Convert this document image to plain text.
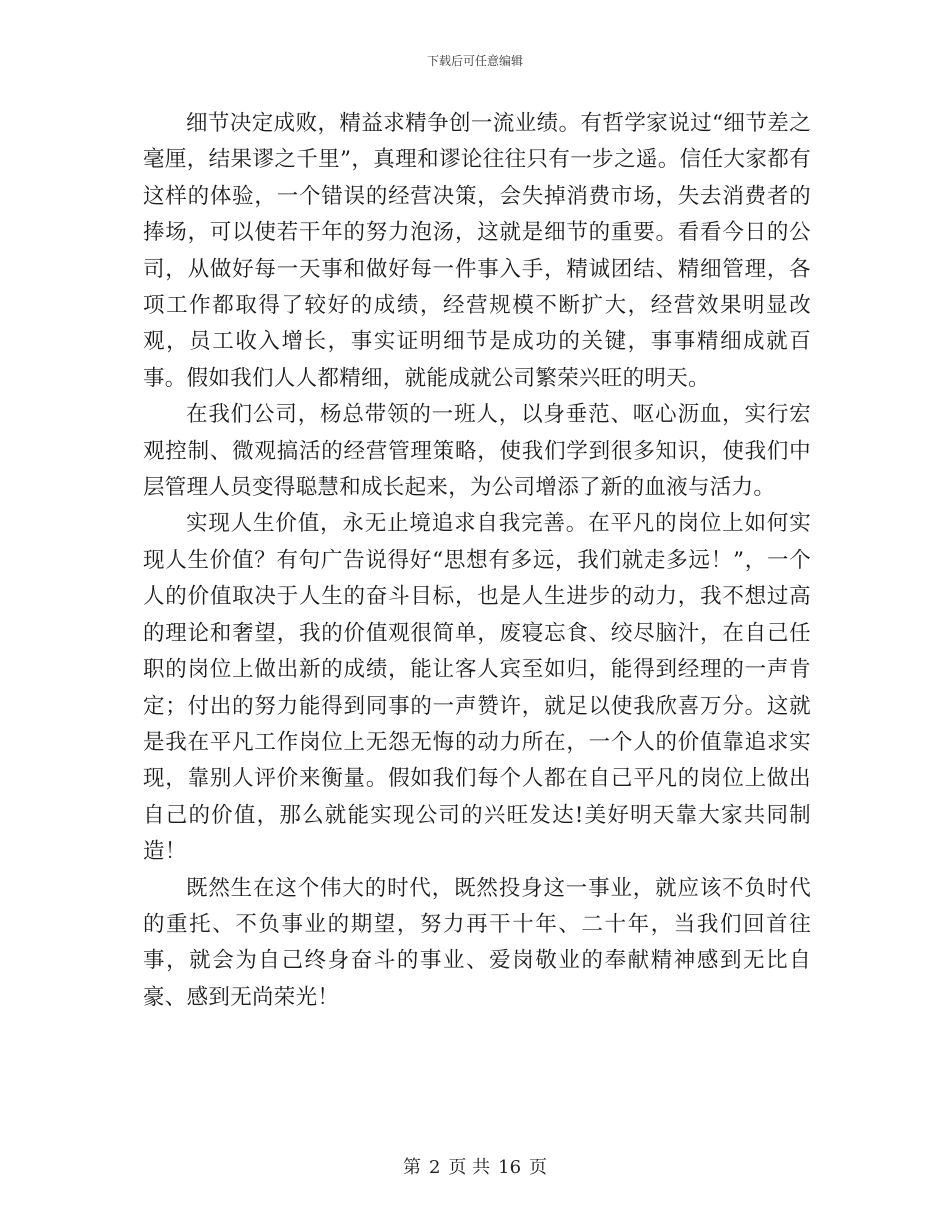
下载后可任意编辑

细节决定成败，精益求精争创一流业绩。有哲学家说过“细节差之毫厘，结果谬之千里”，真理和谬论往往只有一步之遥。信任大家都有这样的体验，一个错误的经营决策，会失掉消费市场，失去消费者的捧场，可以使若干年的努力泡汤，这就是细节的重要。看看今日的公司，从做好每一天事和做好每一件事入手，精诚团结、精细管理，各项工作都取得了较好的成绩，经营规模不断扩大，经营效果明显改观，员工收入增长，事实证明细节是成功的关键，事事精细成就百事。假如我们人人都精细，就能成就公司繁荣兴旺的明天。

在我们公司，杨总带领的一班人，以身垂范、呕心沥血，实行宏观控制、微观搞活的经营管理策略，使我们学到很多知识，使我们中层管理人员变得聪慧和成长起来，为公司增添了新的血液与活力。

实现人生价值，永无止境追求自我完善。在平凡的岗位上如何实现人生价值？有句广告说得好“思想有多远，我们就走多远！”，一个人的价值取决于人生的奋斗目标，也是人生进步的动力，我不想过高的理论和奢望，我的价值观很简单，废寝忘食、绞尽脑汁，在自己任职的岗位上做出新的成绩，能让客人宾至如归，能得到经理的一声肯定；付出的努力能得到同事的一声赞许，就足以使我欣喜万分。这就是我在平凡工作岗位上无怨无悔的动力所在，一个人的价值靠追求实现，靠别人评价来衡量。假如我们每个人都在自己平凡的岗位上做出自己的价值，那么就能实现公司的兴旺发达!美好明天靠大家共同制造！

既然生在这个伟大的时代，既然投身这一事业，就应该不负时代的重托、不负事业的期望，努力再干十年、二十年，当我们回首往事，就会为自己终身奋斗的事业、爱岗敬业的奉献精神感到无比自豪、感到无尚荣光！

第 2 页 共 16 页
